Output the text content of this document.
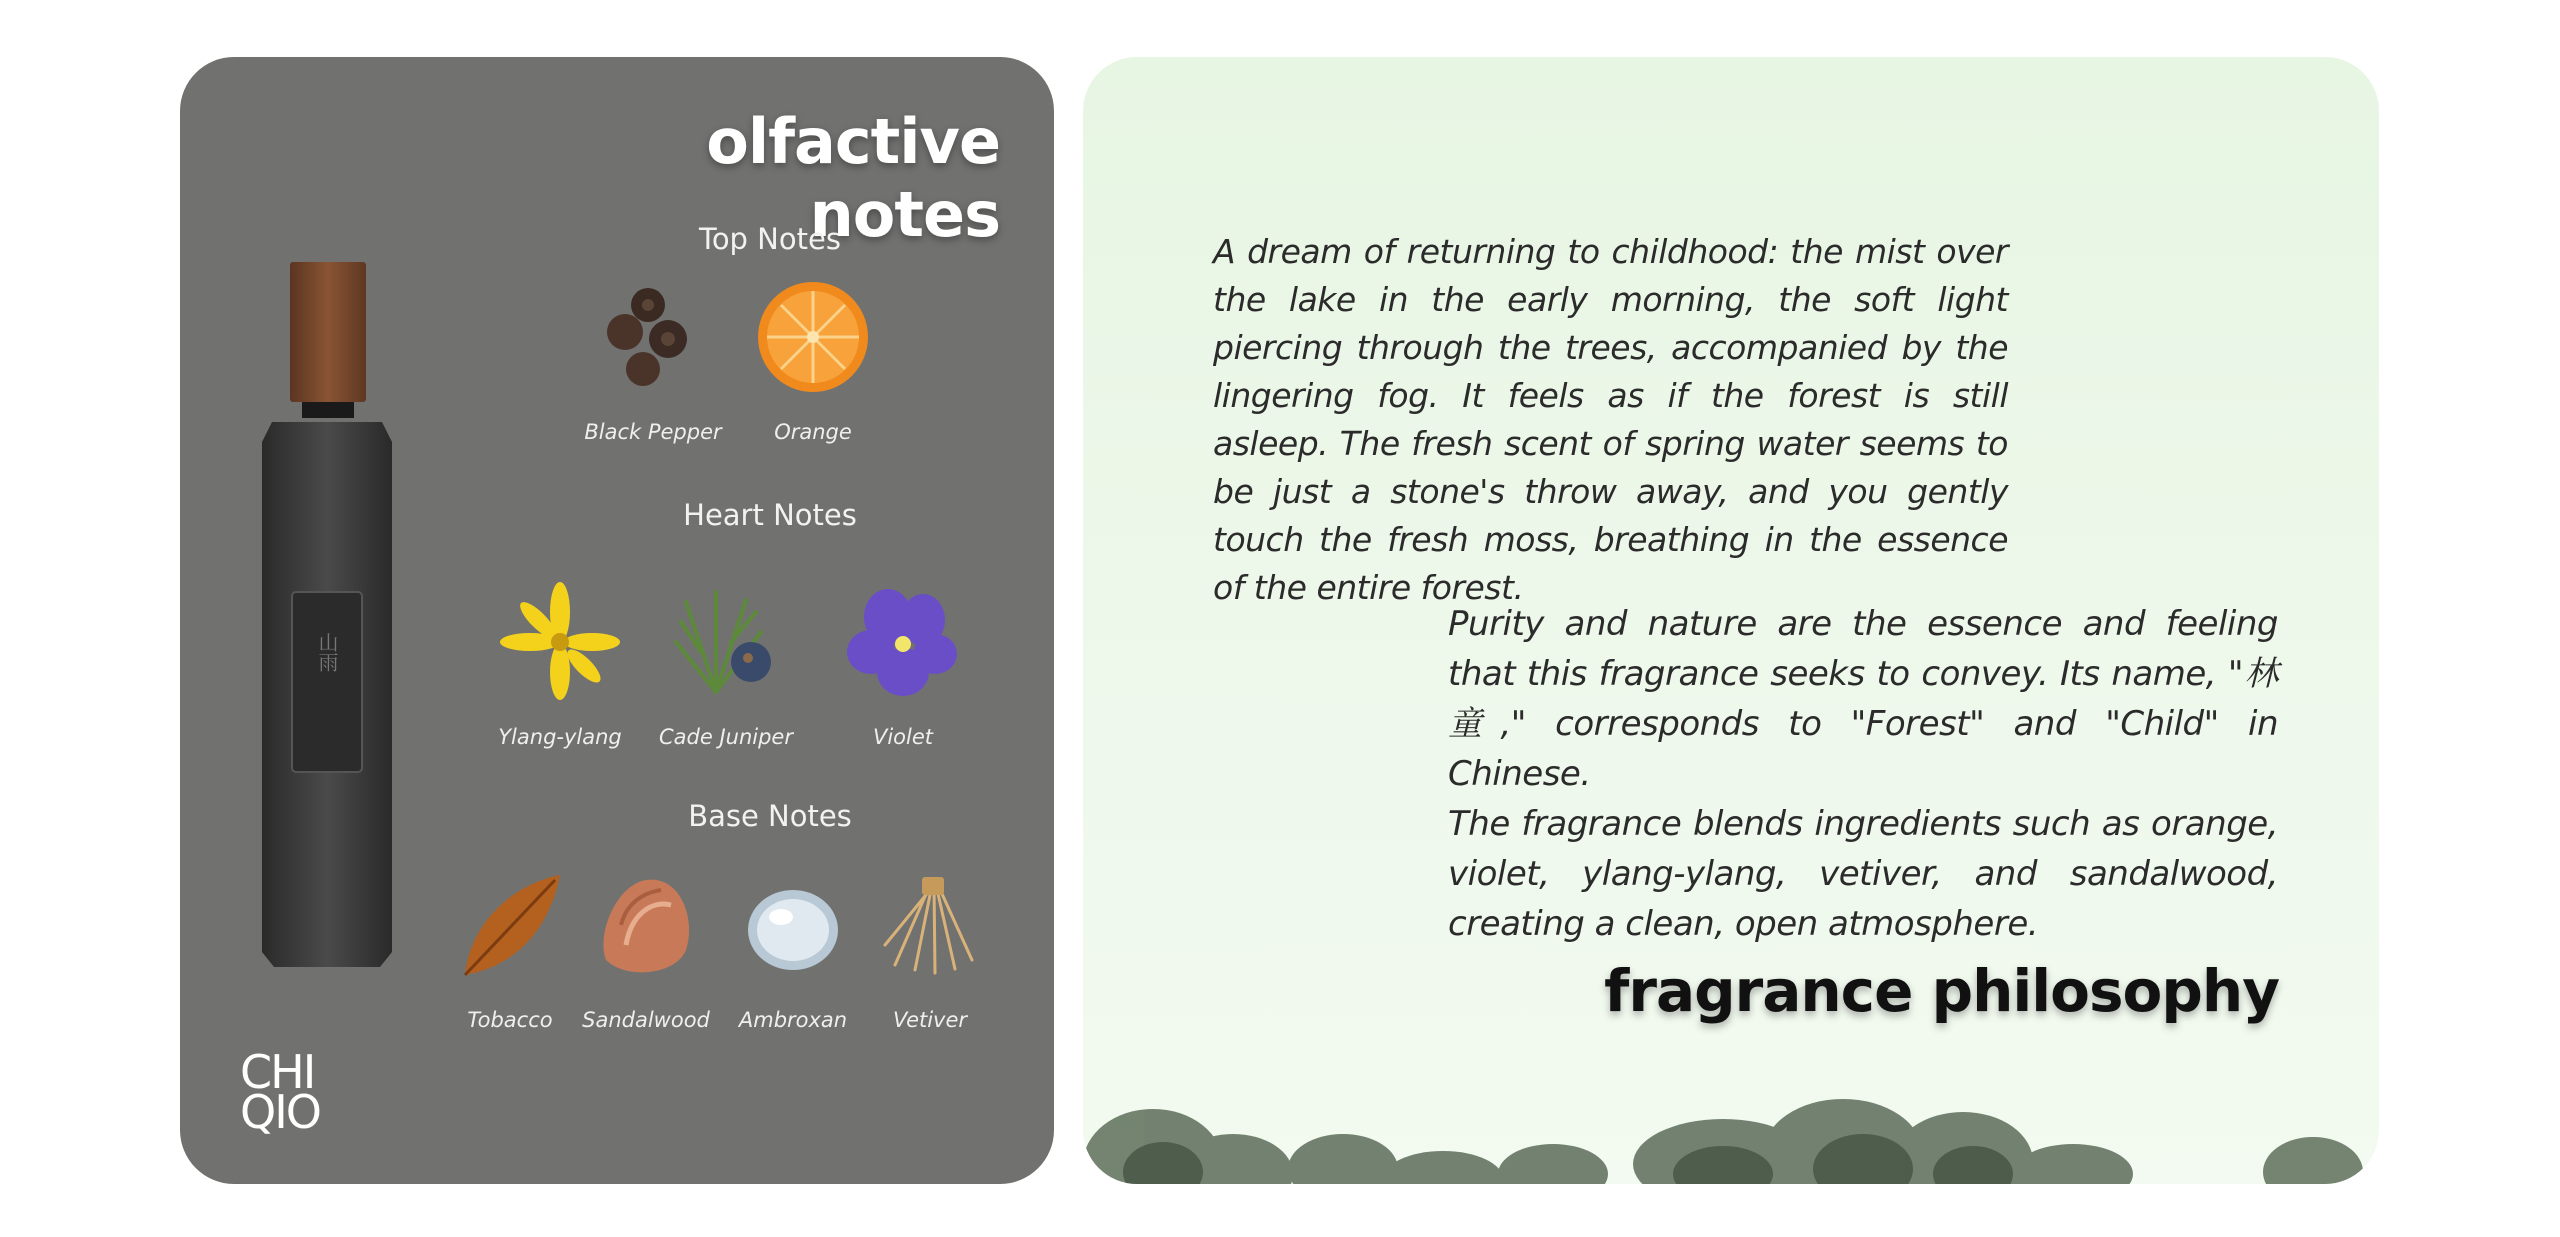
olfactive notes
山雨
Top Notes
Black Pepper	Orange
Heart Notes
Ylang-ylang	Cade Juniper	Violet
Base Notes
Tobacco	Sandalwood	Ambroxan	Vetiver
CHI
QIO

A dream of returning to childhood: the mist over the lake in the early morning, the soft light piercing through the trees, accompanied by the lingering fog. It feels as if the forest is still asleep. The fresh scent of spring water seems to be just a stone's throw away, and you gently touch the fresh moss, breathing in the essence of the entire forest.

Purity and nature are the essence and feeling that this fragrance seeks to convey. Its name, "林童," corresponds to "Forest" and "Child" in Chinese.

The fragrance blends ingredients such as orange, violet, ylang-ylang, vetiver, and sandalwood, creating a clean, open atmosphere.

fragrance philosophy
